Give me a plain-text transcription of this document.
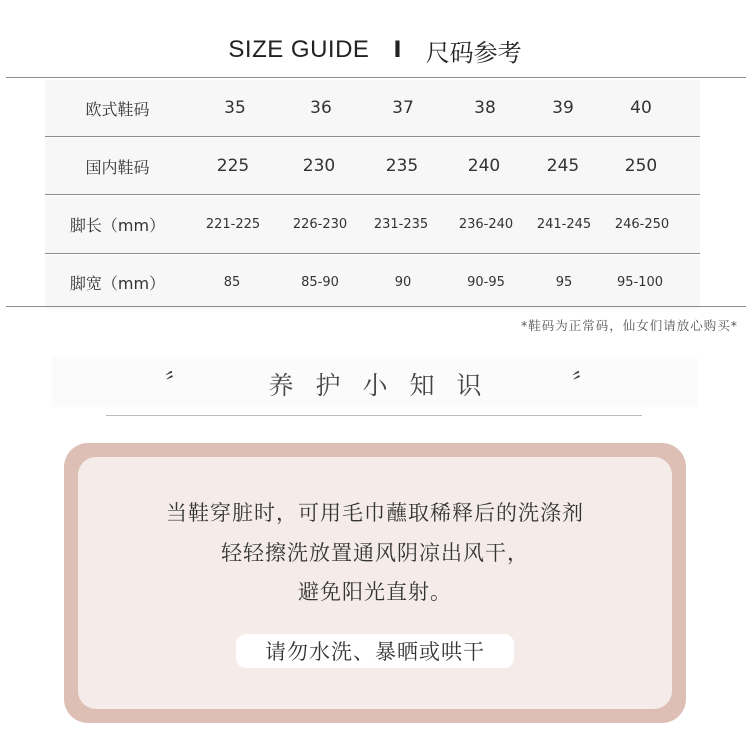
SIZE GUIDE I 尺码参考
欧式鞋码	35	36	37	38	39	40
国内鞋码	225	230	235	240	245	250
脚长（mm）	221-225	226-230 231-235 236-240 241-245 246-250
脚宽（mm）	85	85-90	90	90-95	95	95-100
*鞋码为正常码，仙女们请放心购买*
〞	〞
养护小知识
当鞋穿脏时，可用毛巾蘸取稀释后的洗涤剂
轻轻擦洗放置通风阴凉出风干，
避免阳光直射。
请勿水洗、暴晒或哄干
